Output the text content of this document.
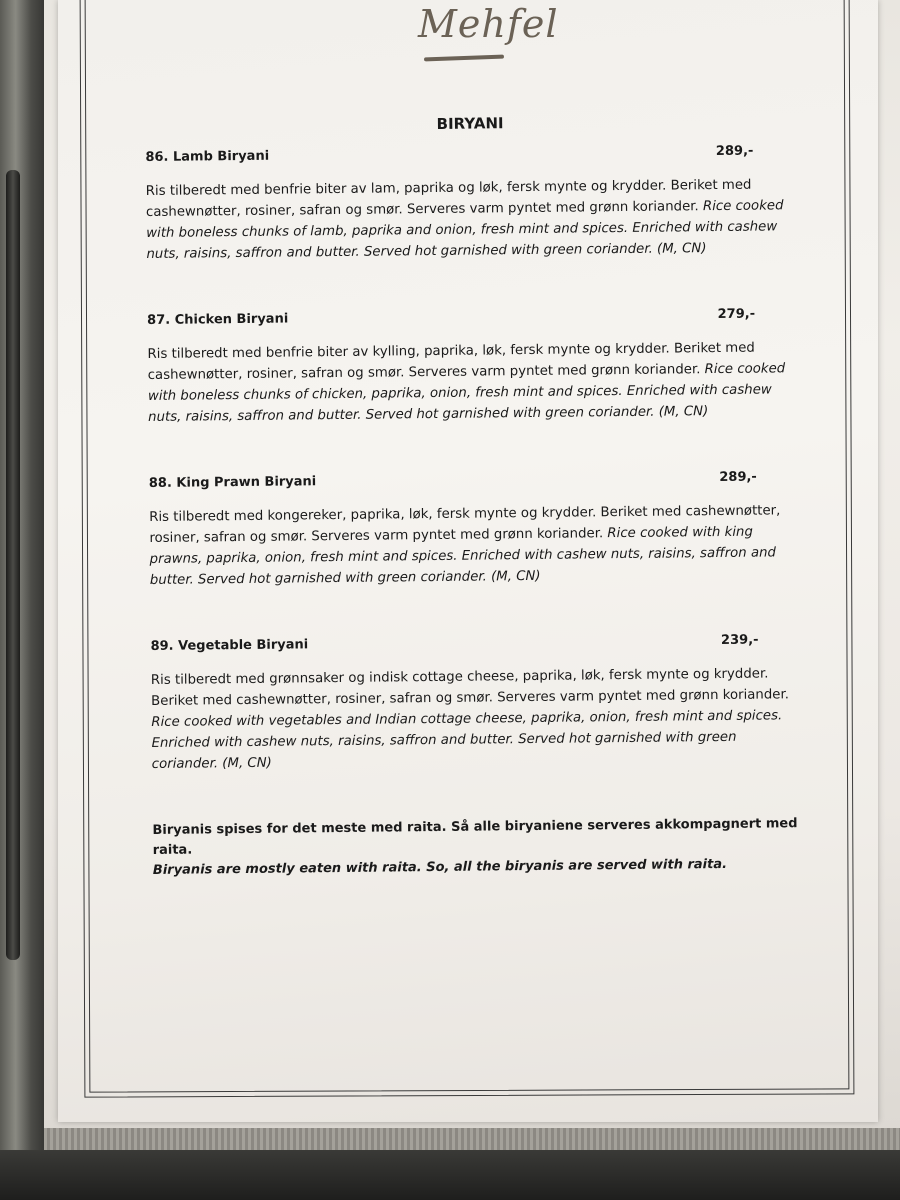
Mehfel
BIRYANI
86. Lamb Biryani	289,-
Ris tilberedt med benfrie biter av lam, paprika og løk, fersk mynte og krydder. Beriket med cashewnøtter, rosiner, safran og smør. Serveres varm pyntet med grønn koriander. Rice cooked with boneless chunks of lamb, paprika and onion, fresh mint and spices. Enriched with cashew nuts, raisins, saffron and butter. Served hot garnished with green coriander. (M, CN)
87. Chicken Biryani	279,-
Ris tilberedt med benfrie biter av kylling, paprika, løk, fersk mynte og krydder. Beriket med cashewnøtter, rosiner, safran og smør. Serveres varm pyntet med grønn koriander. Rice cooked with boneless chunks of chicken, paprika, onion, fresh mint and spices. Enriched with cashew nuts, raisins, saffron and butter. Served hot garnished with green coriander. (M, CN)
88. King Prawn Biryani	289,-
Ris tilberedt med kongereker, paprika, løk, fersk mynte og krydder. Beriket med cashewnøtter, rosiner, safran og smør. Serveres varm pyntet med grønn koriander. Rice cooked with king prawns, paprika, onion, fresh mint and spices. Enriched with cashew nuts, raisins, saffron and butter. Served hot garnished with green coriander. (M, CN)
89. Vegetable Biryani	239,-
Ris tilberedt med grønnsaker og indisk cottage cheese, paprika, løk, fersk mynte og krydder. Beriket med cashewnøtter, rosiner, safran og smør. Serveres varm pyntet med grønn koriander.
Rice cooked with vegetables and Indian cottage cheese, paprika, onion, fresh mint and spices. Enriched with cashew nuts, raisins, saffron and butter. Served hot garnished with green coriander. (M, CN)
Biryanis spises for det meste med raita. Så alle biryaniene serveres akkompagnert med raita.
Biryanis are mostly eaten with raita. So, all the biryanis are served with raita.
